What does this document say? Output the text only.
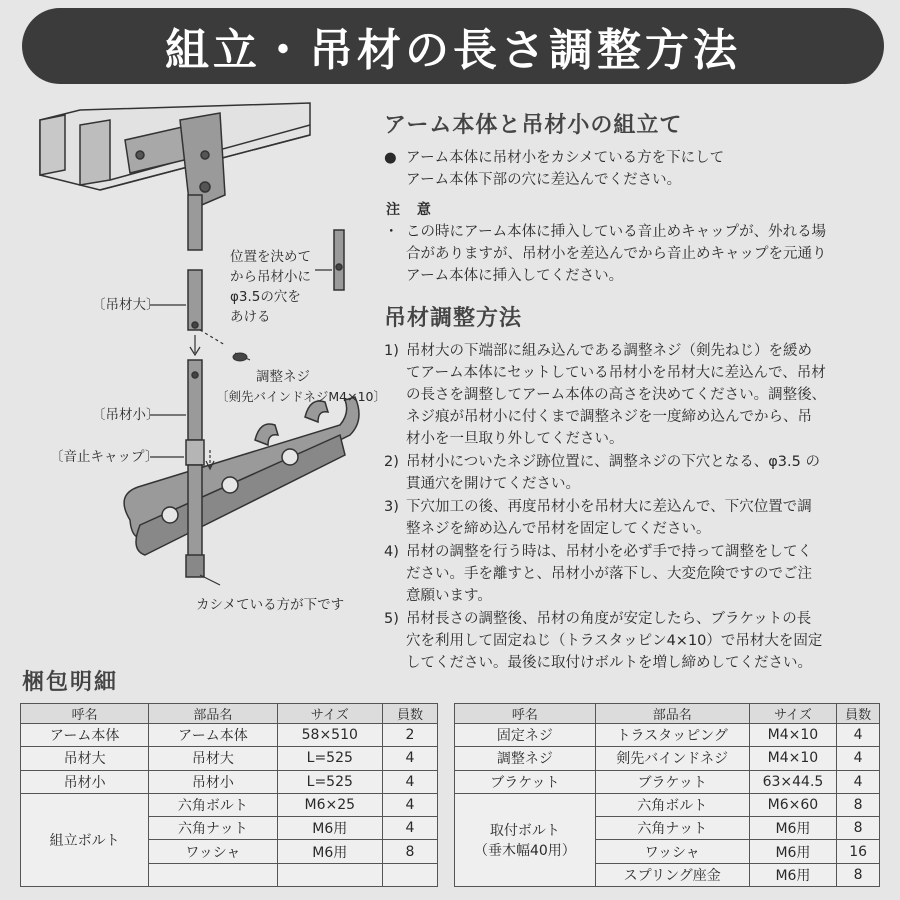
組立・吊材の長さ調整方法
〔吊材大〕
〔吊材小〕
〔音止キャップ〕
位置を決めて
から吊材小に
φ3.5の穴を
あける
調整ネジ
〔剣先バインドネジM4×10〕
カシメている方が下です
アーム本体と吊材小の組立て
● アーム本体に吊材小をカシメている方を下にして
アーム本体下部の穴に差込んでください。
注 意
・ この時にアーム本体に挿入している音止めキャップが、外れる場
合がありますが、吊材小を差込んでから音止めキャップを元通り
アーム本体に挿入してください。
吊材調整方法
1) 吊材大の下端部に組み込んである調整ネジ（剣先ねじ）を緩め
てアーム本体にセットしている吊材小を吊材大に差込んで、吊材
の長さを調整してアーム本体の高さを決めてください。調整後、
ネジ痕が吊材小に付くまで調整ネジを一度締め込んでから、吊
材小を一旦取り外してください。
2) 吊材小についたネジ跡位置に、調整ネジの下穴となる、φ3.5 の
貫通穴を開けてください。
3) 下穴加工の後、再度吊材小を吊材大に差込んで、下穴位置で調
整ネジを締め込んで吊材を固定してください。
4) 吊材の調整を行う時は、吊材小を必ず手で持って調整をしてく
ださい。手を離すと、吊材小が落下し、大変危険ですのでご注
意願います。
5) 吊材長さの調整後、吊材の角度が安定したら、ブラケットの長
穴を利用して固定ねじ（トラスタッピン4×10）で吊材大を固定
してください。最後に取付けボルトを増し締めしてください。
梱包明細
呼名	部品名	サイズ	員数
アーム本体	アーム本体	58×510	2
吊材大	吊材大	L=525	4
吊材小	吊材小	L=525	4
組立ボルト	六角ボルト	M6×25	4
	六角ナット	M6用	4
	ワッシャ	M6用	8

呼名	部品名	サイズ	員数
固定ネジ	トラスタッピング	M4×10	4
調整ネジ	剣先バインドネジ	M4×10	4
ブラケット	ブラケット	63×44.5	4

取付ボルト
（垂木幅40用）	六角ボルト	M6×60	8
	六角ナット	M6用	8
	ワッシャ	M6用	16
	スプリング座金	M6用	8
